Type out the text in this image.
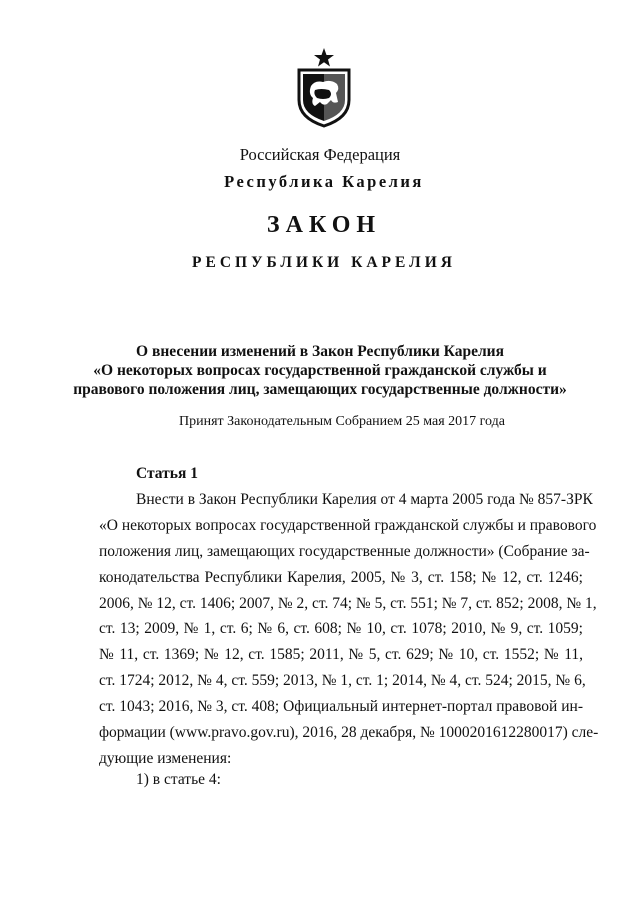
Российская Федерация
Республика Карелия
ЗАКОН
РЕСПУБЛИКИ КАРЕЛИЯ
О внесении изменений в Закон Республики Карелия
«О некоторых вопросах государственной гражданской службы и
правового положения лиц, замещающих государственные должности»
Принят Законодательным Собранием 25 мая 2017 года
Статья 1
Внести в Закон Республики Карелия от 4 марта 2005 года № 857-ЗРК
«О некоторых вопросах государственной гражданской службы и правового
положения лиц, замещающих государственные должности» (Собрание за-
конодательства Республики Карелия, 2005, № 3, ст. 158; № 12, ст. 1246;
2006, № 12, ст. 1406; 2007, № 2, ст. 74; № 5, ст. 551; № 7, ст. 852; 2008, № 1,
ст. 13; 2009, № 1, ст. 6; № 6, ст. 608; № 10, ст. 1078; 2010, № 9, ст. 1059;
№ 11, ст. 1369; № 12, ст. 1585; 2011, № 5, ст. 629; № 10, ст. 1552; № 11,
ст. 1724; 2012, № 4, ст. 559; 2013, № 1, ст. 1; 2014, № 4, ст. 524; 2015, № 6,
ст. 1043; 2016, № 3, ст. 408; Официальный интернет-портал правовой ин-
формации (www.pravo.gov.ru), 2016, 28 декабря, № 1000201612280017) сле-
дующие изменения:
1) в статье 4:
